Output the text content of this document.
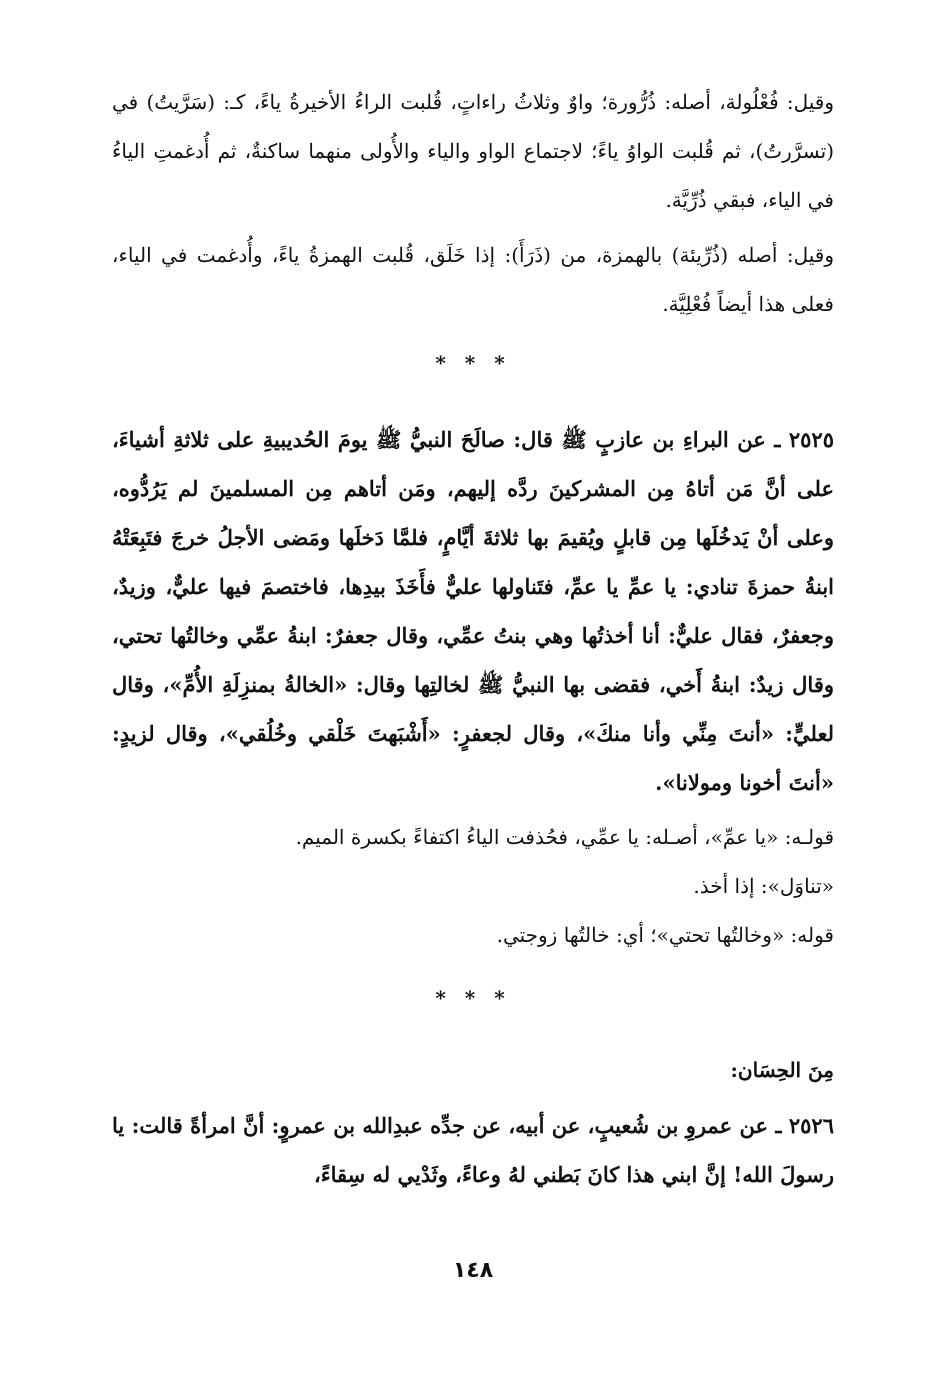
وقيل: فُعْلُولة، أصله: ذُرُّورة؛ واوٌ وثلاثُ راءاتٍ، قُلبت الراءُ الأخيرةُ ياءً، كـ: (سَرَّيتُ) في (تسرَّرتُ)، ثم قُلبت الواوُ ياءً؛ لاجتماع الواو والياء والأُولى منهما ساكنةٌ، ثم أُدغمتِ الياءُ في الياء، فبقي ذُرِّيَّة.

وقيل: أصله (ذُرِّيئة) بالهمزة، من (ذَرَأَ): إذا خَلَق، قُلبت الهمزةُ ياءً، وأُدغمت في الياء، فعلى هذا أيضاً فُعْلِيَّة.

* * *

٢٥٢٥ ـ عن البراءِ بن عازبٍ ﷺ قال: صالَحَ النبيُّ ﷺ يومَ الحُديبيةِ على ثلاثةِ أشياءَ، على أنَّ مَن أتاهُ مِن المشركينَ ردَّه إليهم، ومَن أتاهم مِن المسلمينَ لم يَرُدُّوه، وعلى أنْ يَدخُلَها مِن قابلٍ ويُقيمَ بها ثلاثةَ أيَّامٍ، فلمَّا دَخلَها ومَضى الأجلُ خرجَ فتَبِعَتْهُ ابنةُ حمزةَ تنادي: يا عمِّ يا عمِّ، فتَناولها عليٌّ فأَخَذَ بيدِها، فاختصمَ فيها عليٌّ، وزيدٌ، وجعفرٌ، فقال عليٌّ: أنا أخذتُها وهي بنتُ عمِّي، وقال جعفرٌ: ابنةُ عمِّي وخالتُها تحتي، وقال زيدٌ: ابنةُ أَخي، فقضى بها النبيُّ ﷺ لخالتِها وقال: «الخالةُ بمنزِلَةِ الأُمِّ»، وقال لعليٍّ: «أنتَ مِنِّي وأنا منكَ»، وقال لجعفرٍ: «أَشْبَهتَ خَلْقي وخُلُقي»، وقال لزيدٍ: «أنتَ أخونا ومولانا».

قولـه: «يا عمِّ»، أصـله: يا عمِّي، فحُذفت الياءُ اكتفاءً بكسرة الميم.

«تناوَل»: إذا أخذ.

قوله: «وخالتُها تحتي»؛ أي: خالتُها زوجتي.

* * *

مِنَ الحِسَان:

٢٥٢٦ ـ عن عمروِ بن شُعيبٍ، عن أبيه، عن جدِّه عبدِالله بن عمروٍ: أنَّ امرأةً قالت: يا رسولَ الله! إنَّ ابني هذا كانَ بَطني لهُ وعاءً، وثَدْيي له سِقاءً،

١٤٨
